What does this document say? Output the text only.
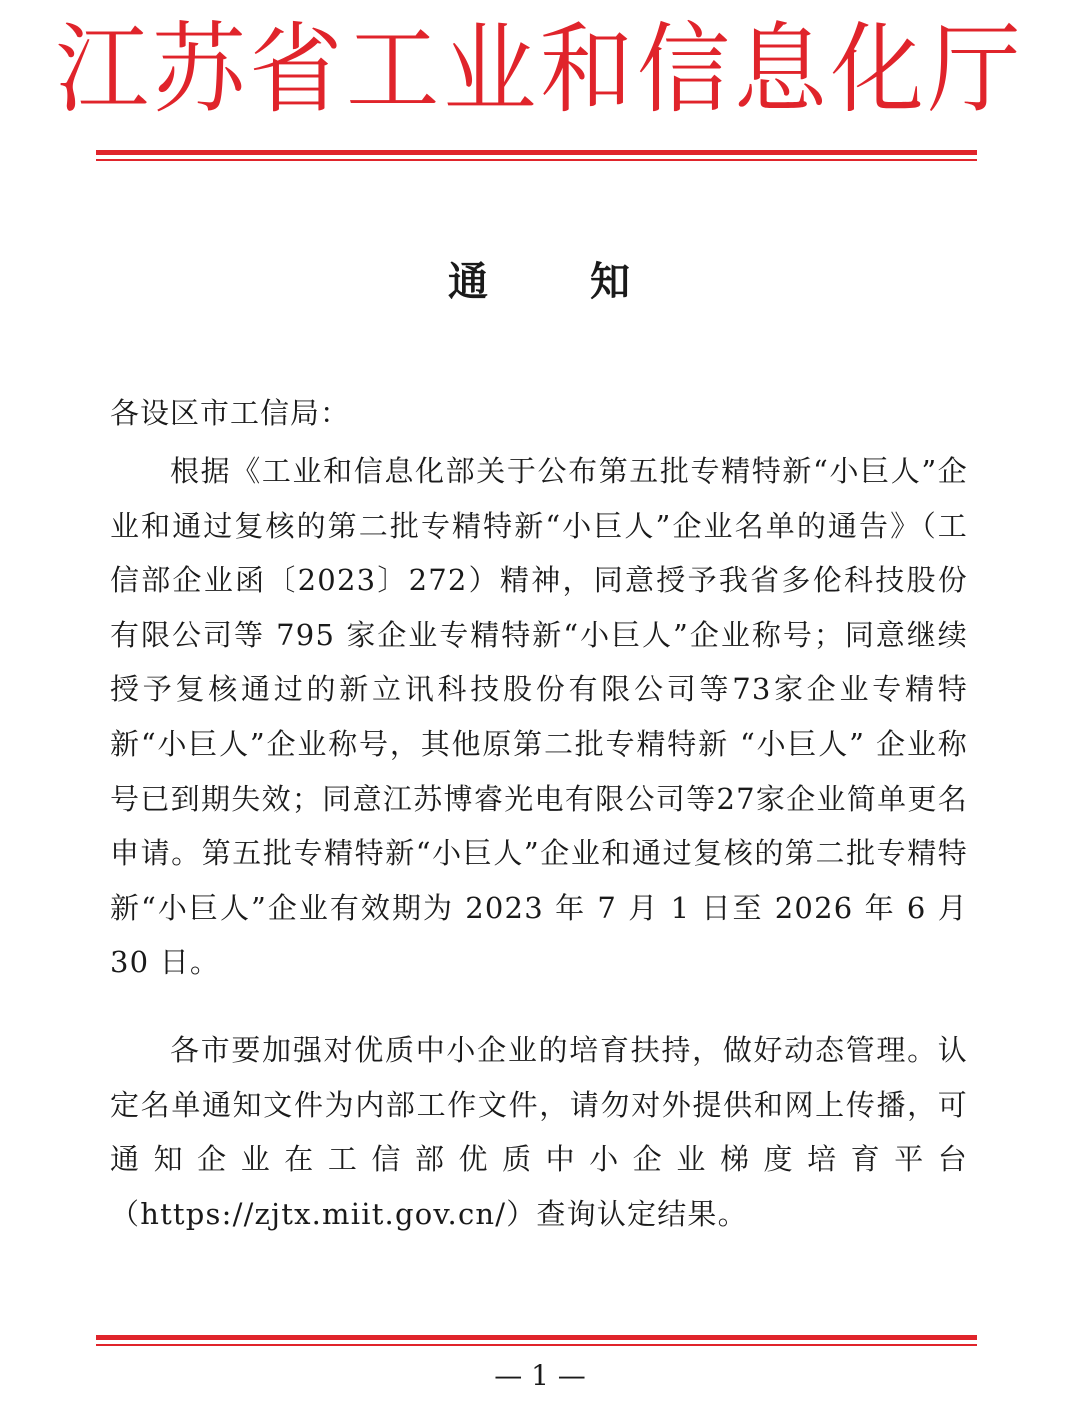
江苏省工业和信息化厅
通	知
各设区市工信局：
根据《工业和信息化部关于公布第五批专精特新“小巨人”企业和通过复核的第二批专精特新“小巨人”企业名单的通告》（工信部企业函〔2023〕272）精神，同意授予我省多伦科技股份有限公司等 795 家企业专精特新“小巨人”企业称号；同意继续授予复核通过的新立讯科技股份有限公司等73家企业专精特新“小巨人”企业称号，其他原第二批专精特新 “小巨人” 企业称号已到期失效；同意江苏博睿光电有限公司等27家企业简单更名申请。第五批专精特新“小巨人”企业和通过复核的第二批专精特新“小巨人”企业有效期为 2023 年 7 月 1 日至 2026 年 6 月 30 日。
各市要加强对优质中小企业的培育扶持，做好动态管理。认定名单通知文件为内部工作文件，请勿对外提供和网上传播，可通知企业在工信部优质中小企业梯度培育平台（https://zjtx.miit.gov.cn/）查询认定结果。
— 1 —
